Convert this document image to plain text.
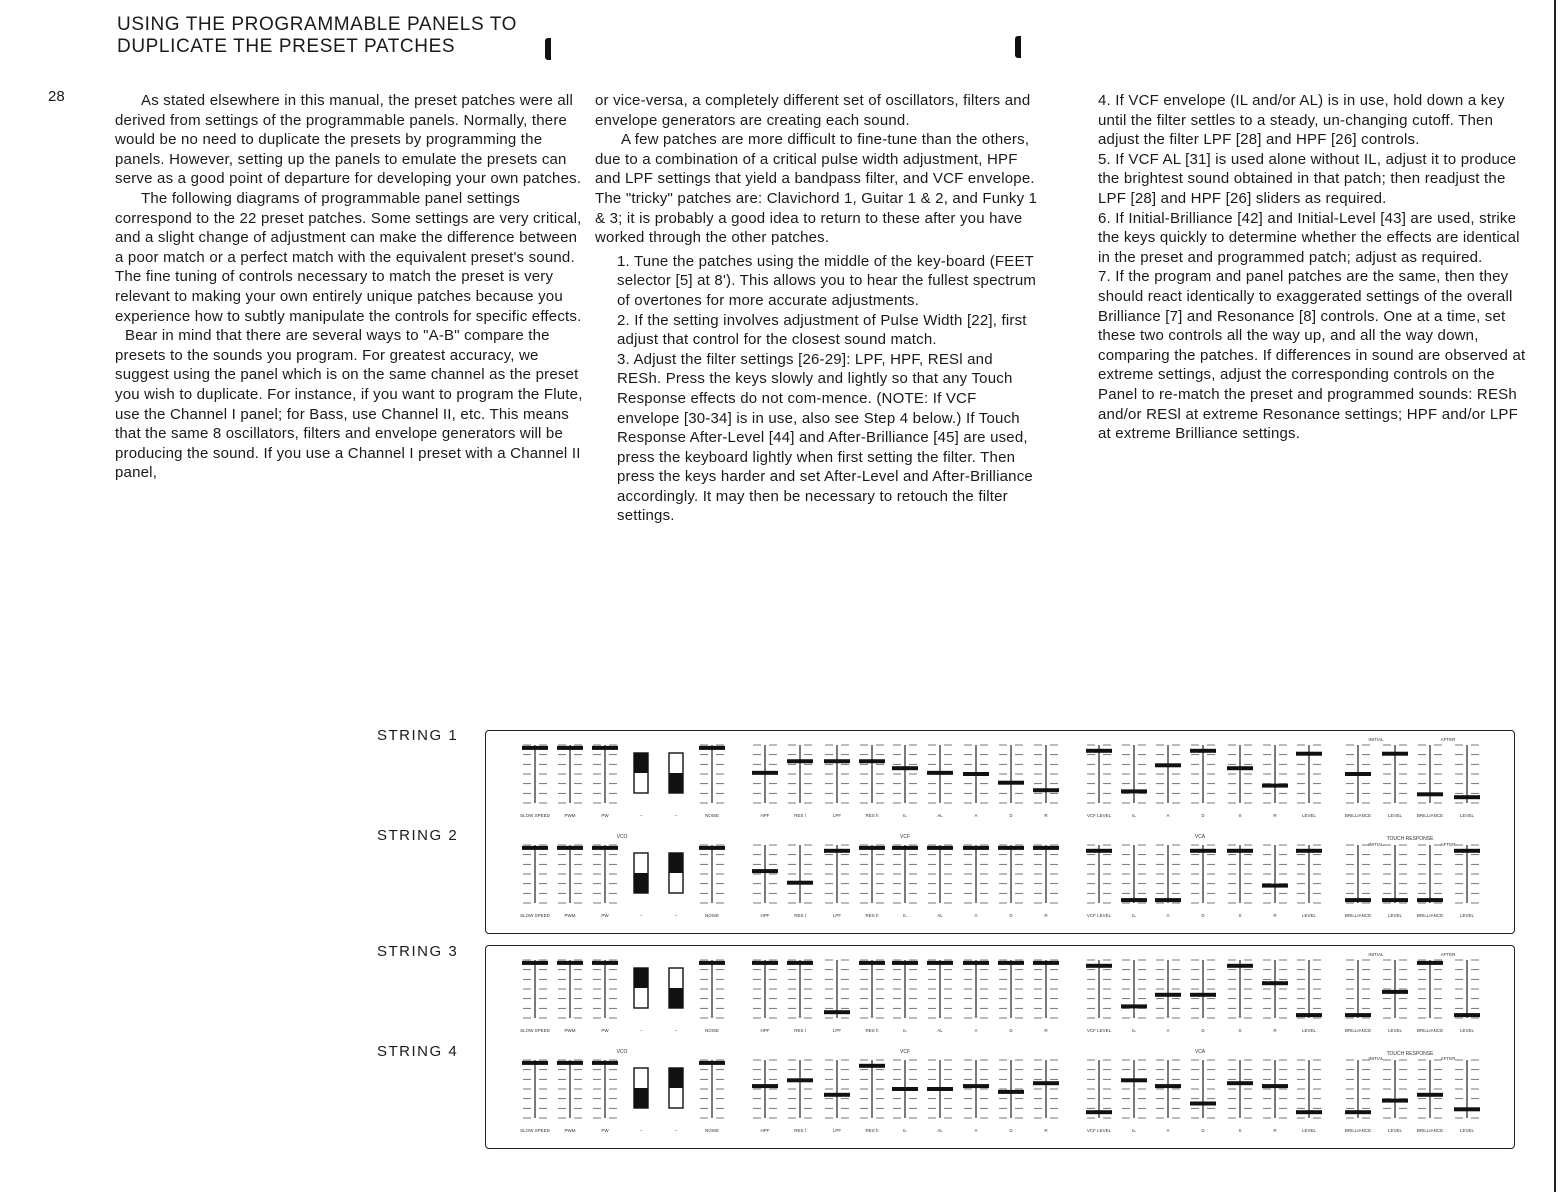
USING THE PROGRAMMABLE PANELS TO
DUPLICATE THE PRESET PATCHES
28	As stated elsewhere in this manual, the preset patches were all derived from settings of the programmable panels. Normally, there would be no need to duplicate the presets by programming the panels. However, setting up the panels to emulate the presets can serve as a good point of departure for developing your own patches.

The following diagrams of programmable panel settings correspond to the 22 preset patches. Some settings are very critical, and a slight change of adjustment can make the difference between a poor match or a perfect match with the equivalent preset's sound. The fine tuning of controls necessary to match the preset is very relevant to making your own entirely unique patches because you experience how to subtly manipulate the controls for specific effects.

Bear in mind that there are several ways to "A-B" compare the presets to the sounds you program. For greatest accuracy, we suggest using the panel which is on the same channel as the preset you wish to duplicate. For instance, if you want to program the Flute, use the Channel I panel; for Bass, use Channel II, etc. This means that the same 8 oscillators, filters and envelope generators will be producing the sound. If you use a Channel I preset with a Channel II panel,

or vice-versa, a completely different set of oscillators, filters and envelope generators are creating each sound.

A few patches are more difficult to fine-tune than the others, due to a combination of a critical pulse width adjustment, HPF and LPF settings that yield a bandpass filter, and VCF envelope. The "tricky" patches are: Clavichord 1, Guitar 1 & 2, and Funky 1 & 3; it is probably a good idea to return to these after you have worked through the other patches.

1. Tune the patches using the middle of the key-board (FEET selector [5] at 8'). This allows you to hear the fullest spectrum of overtones for more accurate adjustments.

2. If the setting involves adjustment of Pulse Width [22], first adjust that control for the closest sound match.

3. Adjust the filter settings [26-29]: LPF, HPF, RESl and RESh. Press the keys slowly and lightly so that any Touch Response effects do not com-mence. (NOTE: If VCF envelope [30-34] is in use, also see Step 4 below.) If Touch Response After-Level [44] and After-Brilliance [45] are used, press the keyboard lightly when first setting the filter. Then press the keys harder and set After-Level and After-Brilliance accordingly. It may then be necessary to retouch the filter settings.

4. If VCF envelope (IL and/or AL) is in use, hold down a key until the filter settles to a steady, un-changing cutoff. Then adjust the filter LPF [28] and HPF [26] controls.

5. If VCF AL [31] is used alone without IL, adjust it to produce the brightest sound obtained in that patch; then readjust the LPF [28] and HPF [26] sliders as required.

6. If Initial-Brilliance [42] and Initial-Level [43] are used, strike the keys quickly to determine whether the effects are identical in the preset and programmed patch; adjust as required.

7. If the program and panel patches are the same, then they should react identically to exaggerated settings of the overall Brilliance [7] and Resonance [8] controls. One at a time, set these two controls all the way up, and all the way down, comparing the patches. If differences in sound are observed at extreme settings, adjust the corresponding controls on the Panel to re-match the preset and programmed sounds: RESh and/or RESl at extreme Resonance settings; HPF and/or LPF at extreme Brilliance settings.

STRING 1
STRING 2
STRING 3
STRING 4
SLOW SPEED	PWM	PW	–	–	NOISE	HPF	RES l	LPF	RES h	IL	AL	A	D	R	VCF LEVEL	IL	A	D	S	R	LEVEL	BRILLIANCE	LEVEL	BRILLIANCE	LEVEL
SLOW SPEED	PWM	PW	–	–	NOISE	HPF	RES l	LPF	RES h	IL	AL	A	D	R	VCF LEVEL	IL	A	D	S	R	LEVEL	BRILLIANCE	LEVEL	BRILLIANCE	LEVEL
SLOW SPEED	PWM	PW	–	–	NOISE	HPF	RES l	LPF	RES h	IL	AL	A	D	R	VCF LEVEL	IL	A	D	S	R	LEVEL	BRILLIANCE	LEVEL	BRILLIANCE	LEVEL
SLOW SPEED	PWM	PW	–	–	NOISE	HPF	RES l	LPF	RES h	IL	AL	A	D	R	VCF LEVEL	IL	A	D	S	R	LEVEL	BRILLIANCE	LEVEL	BRILLIANCE	LEVEL
VCO	VCF	VCA
VCO	VCF	VCA
TOUCH RESPONSE
TOUCH RESPONSE
INITIAL	AFTER
INITIAL	AFTER
INITIAL	AFTER
INITIAL	AFTER
